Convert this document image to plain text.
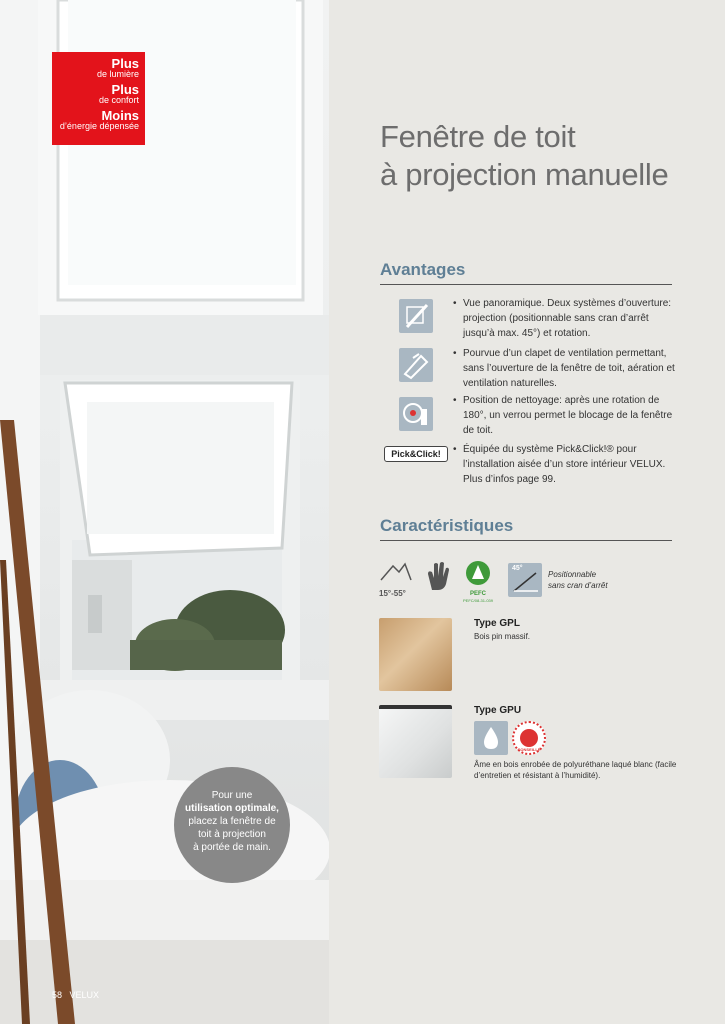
Plus
de lumière
Plus
de confort
Moins
d’énergie dépensée
Pour une
utilisation optimale,
placez la fenêtre de
toit à projection
à portée de main.
58 VELUX
Fenêtre de toit
à projection manuelle
Avantages
Pick&Click!
• Vue panoramique. Deux systèmes d’ouverture: projection (positionnable sans cran d’arrêt jusqu’à max. 45°) et rotation.
• Pourvue d’un clapet de ventilation permettant, sans l’ouverture de la fenêtre de toit, aération et ventilation naturelles.
• Position de nettoyage: après une rotation de 180°, un verrou permet le blocage de la fenêtre de toit.
• Équipée du système Pick&Click!® pour l’installation aisée d’un store intérieur VELUX. Plus d’infos page 99.
Caractéristiques
15°-55°	PEFC
PEFC/08-31-039
45°
Positionnable
sans cran d’arrêt
Type GPL
Bois pin massif.
Type GPU
CONSEILLÉ
Âme en bois enrobée de polyuréthane laqué blanc (facile d’entretien et résistant à l’humidité).
